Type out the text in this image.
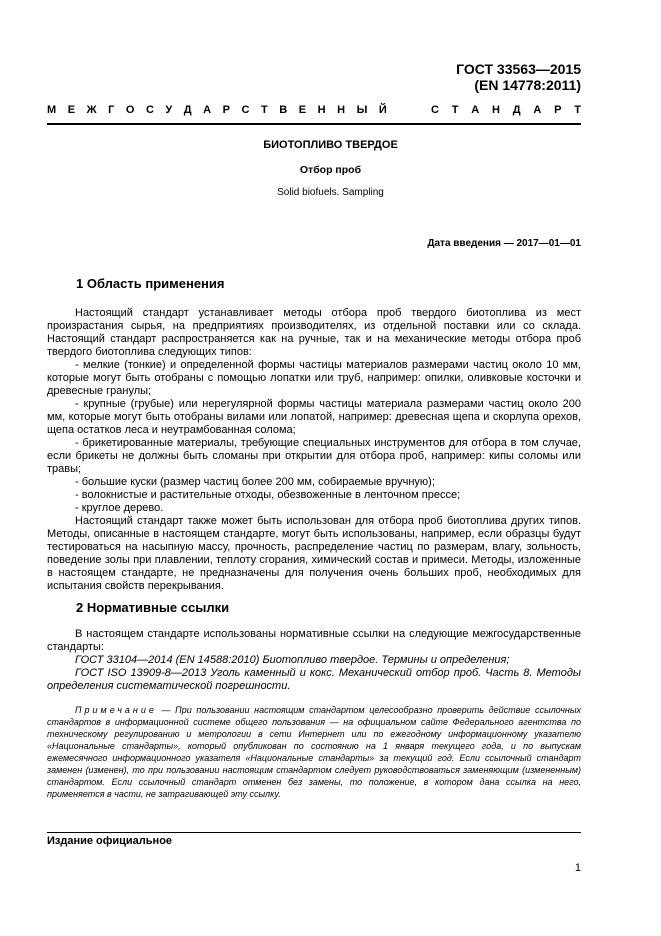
ГОСТ 33563—2015
(EN 14778:2011)
М Е Ж Г О С У Д А Р С Т В Е Н Н Ы Й	С Т А Н Д А Р Т
БИОТОПЛИВО ТВЕРДОЕ
Отбор проб
Solid biofuels. Sampling
Дата введения — 2017—01—01
1 Область применения

Настоящий стандарт устанавливает методы отбора проб твердого биотоплива из мест произрастания сырья, на предприятиях производителях, из отдельной поставки или со склада. Настоящий стандарт распространяется как на ручные, так и на механические методы отбора проб твердого биотоплива следующих типов:

- мелкие (тонкие) и определенной формы частицы материалов размерами частиц около 10 мм, которые могут быть отобраны с помощью лопатки или труб, например: опилки, оливковые косточки и древесные гранулы;

- крупные (грубые) или нерегулярной формы частицы материала размерами частиц около 200 мм, которые могут быть отобраны вилами или лопатой, например: древесная щепа и скорлупа орехов, щепа остатков леса и неутрамбованная солома;

- брикетированные материалы, требующие специальных инструментов для отбора в том случае, если брикеты не должны быть сломаны при открытии для отбора проб, например: кипы соломы или травы;

- большие куски (размер частиц более 200 мм, собираемые вручную);

- волокнистые и растительные отходы, обезвоженные в ленточном прессе;

- круглое дерево.

Настоящий стандарт также может быть использован для отбора проб биотоплива других типов. Методы, описанные в настоящем стандарте, могут быть использованы, например, если образцы будут тестироваться на насыпную массу, прочность, распределение частиц по размерам, влагу, зольность, поведение золы при плавлении, теплоту сгорания, химический состав и примеси. Методы, изложенные в настоящем стандарте, не предназначены для получения очень больших проб, необходимых для испытания свойств перекрывания.

2 Нормативные ссылки

В настоящем стандарте использованы нормативные ссылки на следующие межгосударственные стандарты:

ГОСТ 33104—2014 (EN 14588:2010) Биотопливо твердое. Термины и определения;

ГОСТ ISO 13909-8—2013 Уголь каменный и кокс. Механический отбор проб. Часть 8. Методы определения систематической погрешности.

Примечание — При пользовании настоящим стандартом целесообразно проверить действие ссылочных стандартов в информационной системе общего пользования — на официальном сайте Федерального агентства по техническому регулированию и метрологии в сети Интернет или по ежегодному информационному указателю «Национальные стандарты», который опубликован по состоянию на 1 января текущего года, и по выпускам ежемесячного информационного указателя «Национальные стандарты» за текущий год. Если ссылочный стандарт заменен (изменен), то при пользовании настоящим стандартом следует руководствоваться заменяющим (измененным) стандартом. Если ссылочный стандарт отменен без замены, то положение, в котором дана ссылка на него, применяется в части, не затрагивающей эту ссылку.
Издание официальное
1
